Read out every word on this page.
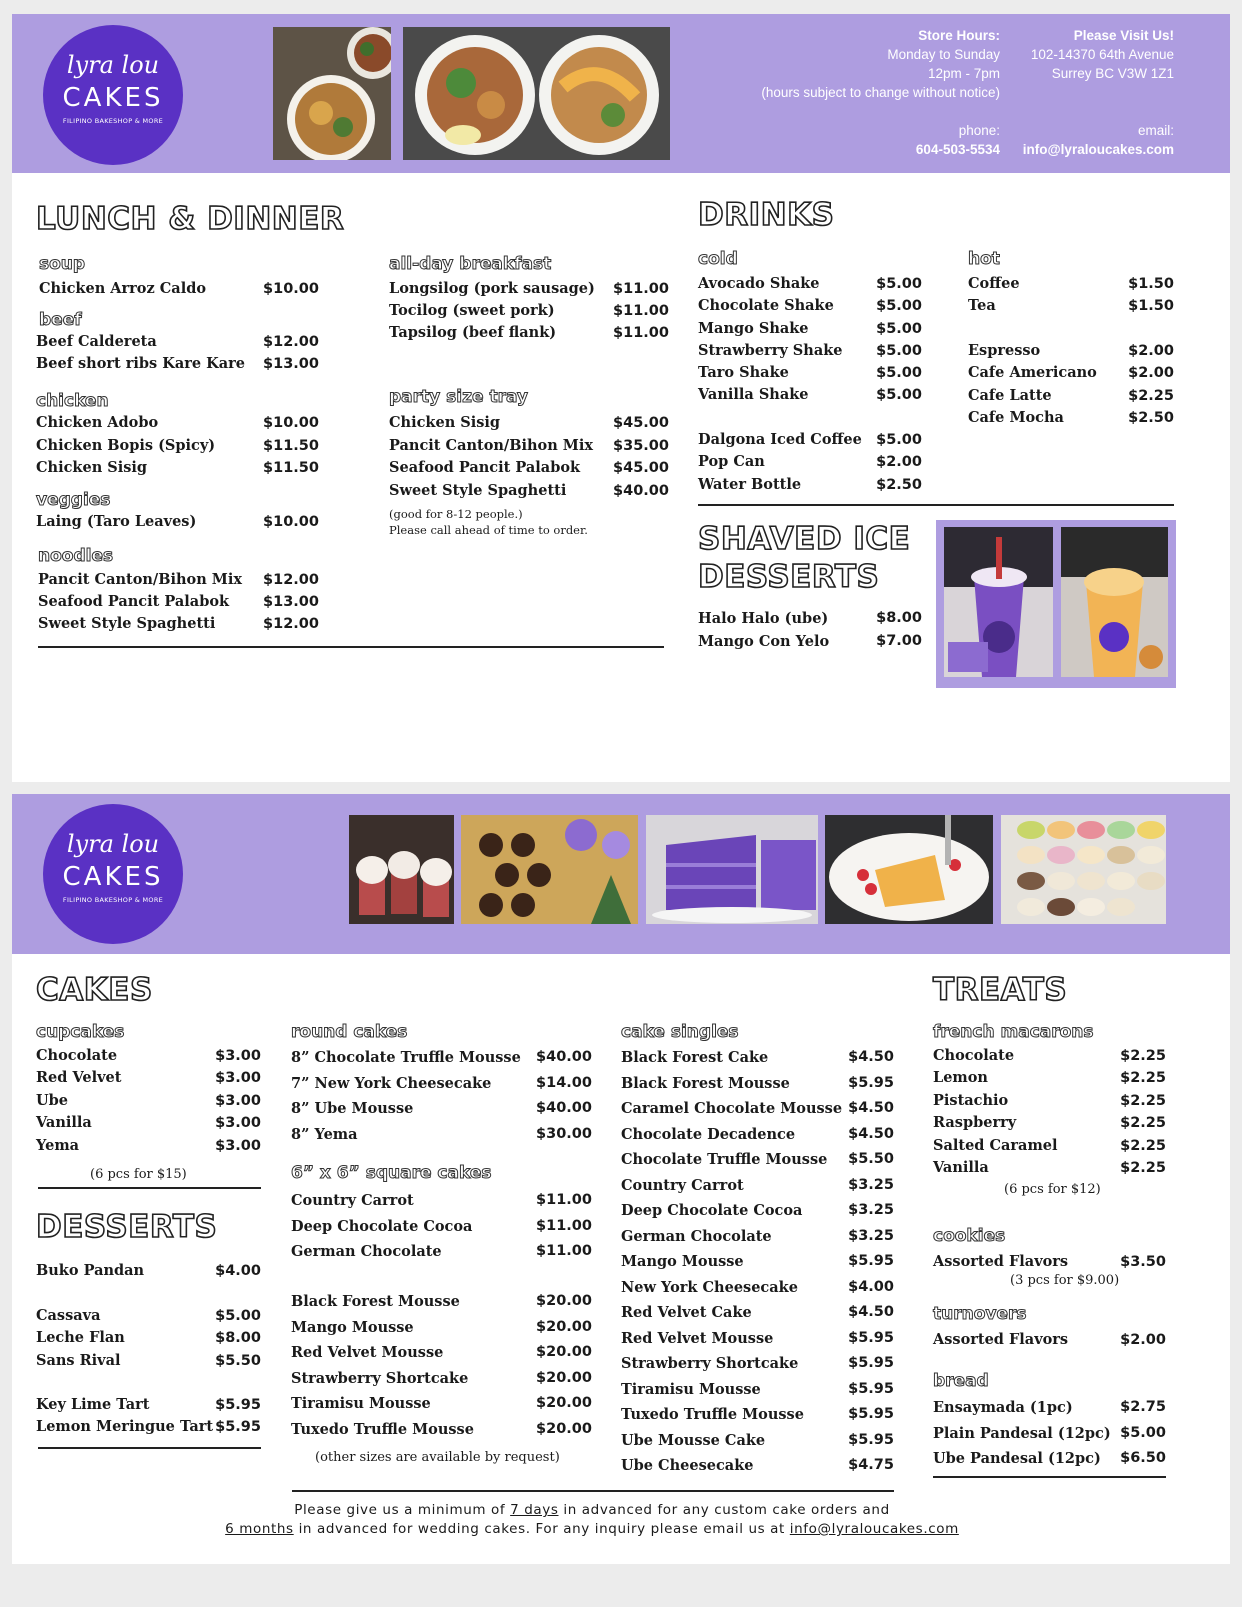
lyra lou
CAKES
FILIPINO BAKESHOP & MORE
Store Hours:
Monday to Sunday
12pm - 7pm
(hours subject to change without notice)
Please Visit Us!
102-14370 64th Avenue
Surrey BC V3W 1Z1
phone:
604-503-5534
email:
info@lyraloucakes.com
LUNCH & DINNER
soup
Chicken Arroz Caldo	$10.00
beef
Beef Caldereta	$12.00
Beef short ribs Kare Kare $13.00
chicken
Chicken Adobo	$10.00
Chicken Bopis (Spicy)	$11.50
Chicken Sisig	$11.50
veggies
Laing (Taro Leaves)	$10.00
noodles
Pancit Canton/Bihon Mix $12.00
Seafood Pancit Palabok $13.00
Sweet Style Spaghetti	$12.00
all-day breakfast
Longsilog (pork sausage) $11.00
Tocilog (sweet pork)	$11.00
Tapsilog (beef flank)	$11.00
party size tray
Chicken Sisig	$45.00
Pancit Canton/Bihon Mix $35.00
Seafood Pancit Palabok $45.00
Sweet Style Spaghetti	$40.00
(good for 8-12 people.)
Please call ahead of time to order.
DRINKS
cold
Avocado Shake	$5.00
Chocolate Shake	$5.00
Mango Shake	$5.00
Strawberry Shake $5.00
Taro Shake	$5.00
Vanilla Shake	$5.00
Dalgona Iced Coffee $5.00
Pop Can	$2.00
Water Bottle	$2.50
hot
Coffee	$1.50
Tea	$1.50
Espresso	$2.00
Cafe Americano $2.00
Cafe Latte	$2.25
Cafe Mocha	$2.50
SHAVED ICE
DESSERTS
Halo Halo (ube)	$8.00
Mango Con Yelo	$7.00
lyra lou
CAKES
FILIPINO BAKESHOP & MORE
CAKES
cupcakes
Chocolate	$3.00
Red Velvet	$3.00
Ube	$3.00
Vanilla	$3.00
Yema	$3.00
(6 pcs for $15)
DESSERTS
Buko Pandan	$4.00
Cassava	$5.00
Leche Flan	$8.00
Sans Rival	$5.50
Key Lime Tart	$5.95
Lemon Meringue Tart $5.95
round cakes
8” Chocolate Truffle Mousse $40.00
7” New York Cheesecake	$14.00
8” Ube Mousse	$40.00
8” Yema	$30.00
6” x 6” square cakes
Country Carrot	$11.00
Deep Chocolate Cocoa	$11.00
German Chocolate	$11.00
Black Forest Mousse	$20.00
Mango Mousse	$20.00
Red Velvet Mousse	$20.00
Strawberry Shortcake	$20.00
Tiramisu Mousse	$20.00
Tuxedo Truffle Mousse	$20.00
(other sizes are available by request)
cake singles
Black Forest Cake	$4.50
Black Forest Mousse	$5.95
Caramel Chocolate Mousse $4.50
Chocolate Decadence	$4.50
Chocolate Truffle Mousse $5.50
Country Carrot	$3.25
Deep Chocolate Cocoa	$3.25
German Chocolate	$3.25
Mango Mousse	$5.95
New York Cheesecake	$4.00
Red Velvet Cake	$4.50
Red Velvet Mousse	$5.95
Strawberry Shortcake	$5.95
Tiramisu Mousse	$5.95
Tuxedo Truffle Mousse	$5.95
Ube Mousse Cake	$5.95
Ube Cheesecake	$4.75
TREATS
french macarons
Chocolate	$2.25
Lemon	$2.25
Pistachio	$2.25
Raspberry	$2.25
Salted Caramel	$2.25
Vanilla	$2.25
(6 pcs for $12)
cookies
Assorted Flavors	$3.50
(3 pcs for $9.00)
turnovers
Assorted Flavors	$2.00
bread
Ensaymada (1pc)	$2.75
Plain Pandesal (12pc) $5.00
Ube Pandesal (12pc) $6.50
Please give us a minimum of 7 days in advanced for any custom cake orders and
6 months in advanced for wedding cakes. For any inquiry please email us at info@lyraloucakes.com
